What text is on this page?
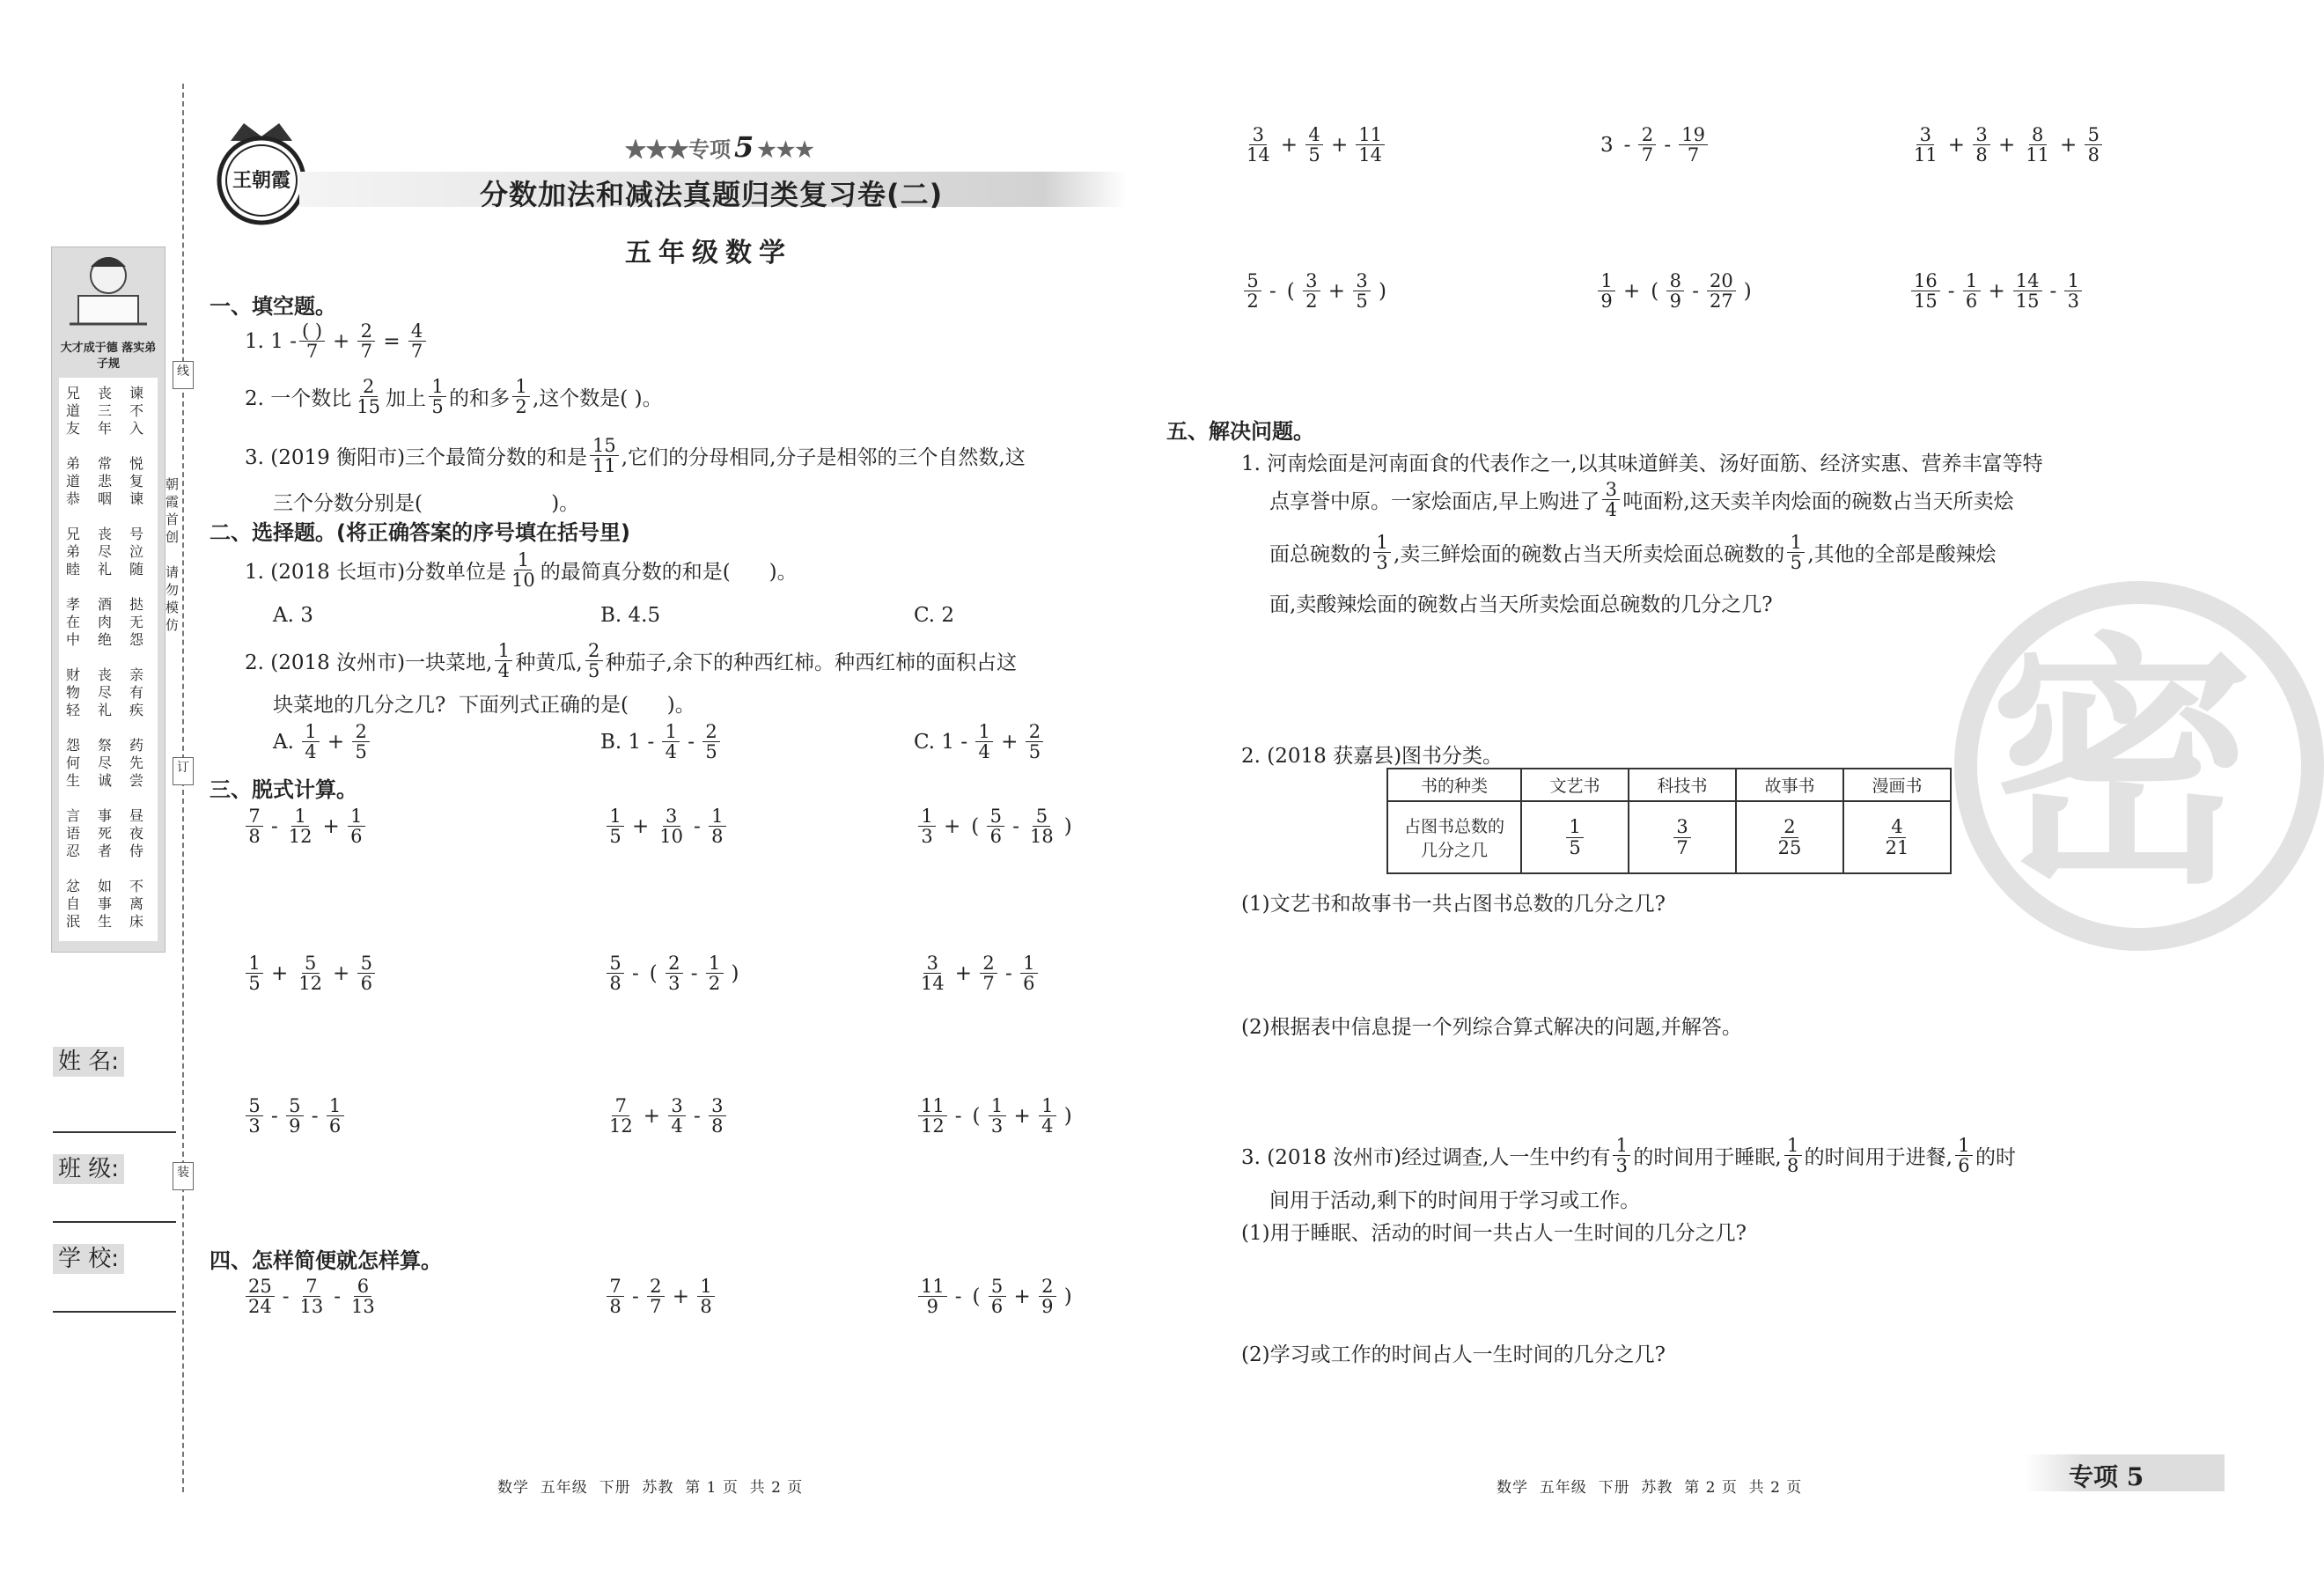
大才成于德 落实弟子规
兄
道
友

弟
道
恭

兄
弟
睦

孝
在
中

财
物
轻

怨
何
生

言
语
忍

忿
自
泯
丧
三
年

常
悲
咽

丧
尽
礼

酒
肉
绝

丧
尽
礼

祭
尽
诚

事
死
者

如
事
生
谏
不
入

悦
复
谏

号
泣
随

挞
无
怨

亲
有
疾

药
先
尝

昼
夜
侍

不
离
床
朝
霞
首
创

请
勿
模
仿
线
订
装
姓 名:
班 级:
学 校:
王朝霞
★★★专项 5 ★★★
分数加法和减法真题归类复习卷(二)
五年级数学
一、填空题。
1. $1 - \frac{( )}{7} + \frac{2}{7} = \frac{4}{7}$
2. 一个数比 $\frac{2}{15}$ 加上 $\frac{1}{5}$ 的和多 $\frac{1}{2}$ ,这个数是( )。
3. (2019 衡阳市)三个最简分数的和是 $\frac{15}{11}$ ,它们的分母相同,分子是相邻的三个自然数,这
三个分数分别是(                    )。
二、选择题。(将正确答案的序号填在括号里)
1. (2018 长垣市)分数单位是 $\frac{1}{10}$ 的最简真分数的和是(      )。
A. 3	B. 4.5	C. 2
2. (2018 汝州市)一块菜地, $\frac{1}{4}$ 种黄瓜, $\frac{2}{5}$ 种茄子,余下的种西红柿。种西红柿的面积占这
块菜地的几分之几?  下面列式正确的是(      )。
A. $\frac{1}{4} + \frac{2}{5}$	B. $1 - \frac{1}{4} - \frac{2}{5}$	C. $1 - \frac{1}{4} + \frac{2}{5}$
三、脱式计算。
$\frac{7}{8} - \frac{1}{12} + \frac{1}{6}$	$\frac{1}{5} + \frac{3}{10} - \frac{1}{8}$	$\frac{1}{3}$ + ( $\frac{5}{6} - \frac{5}{18}$ )
$\frac{1}{5} + \frac{5}{12} + \frac{5}{6}$	$\frac{5}{8}$ - ( $\frac{2}{3} - \frac{1}{2}$ )	$\frac{3}{14} + \frac{2}{7} - \frac{1}{6}$
$\frac{5}{3} - \frac{5}{9} - \frac{1}{6}$	$\frac{7}{12} + \frac{3}{4} - \frac{3}{8}$	$\frac{11}{12}$ - ( $\frac{1}{3} + \frac{1}{4}$ )
四、怎样简便就怎样算。
$\frac{25}{24} - \frac{7}{13} - \frac{6}{13}$	$\frac{7}{8} - \frac{2}{7} + \frac{1}{8}$	$\frac{11}{9}$ - ( $\frac{5}{6} + \frac{2}{9}$ )
数学  五年级  下册  苏教  第 1 页  共 2 页
$\frac{3}{14} + \frac{4}{5} + \frac{11}{14}$	$3 - \frac{2}{7} - \frac{19}{7}$	$\frac{3}{11} + \frac{3}{8} + \frac{8}{11} + \frac{5}{8}$
$\frac{5}{2}$ - ( $\frac{3}{2} + \frac{3}{5}$ )	$\frac{1}{9}$ + ( $\frac{8}{9} - \frac{20}{27}$ )	$\frac{16}{15} - \frac{1}{6} + \frac{14}{15} - \frac{1}{3}$
五、解决问题。
1. 河南烩面是河南面食的代表作之一,以其味道鲜美、汤好面筋、经济实惠、营养丰富等特
点享誉中原。一家烩面店,早上购进了 $\frac{3}{4}$ 吨面粉,这天卖羊肉烩面的碗数占当天所卖烩
面总碗数的 $\frac{1}{3}$ ,卖三鲜烩面的碗数占当天所卖烩面总碗数的 $\frac{1}{5}$ ,其他的全部是酸辣烩
面,卖酸辣烩面的碗数占当天所卖烩面总碗数的几分之几?
密
2. (2018 获嘉县)图书分类。
书的种类	文艺书	科技书	故事书	漫画书
占图书总数的
几分之几	$\frac{1}{5}$	$\frac{3}{7}$	$\frac{2}{25}$	$\frac{4}{21}$
(1)文艺书和故事书一共占图书总数的几分之几?
(2)根据表中信息提一个列综合算式解决的问题,并解答。
3. (2018 汝州市)经过调查,人一生中约有 $\frac{1}{3}$ 的时间用于睡眠, $\frac{1}{8}$ 的时间用于进餐, $\frac{1}{6}$ 的时
间用于活动,剩下的时间用于学习或工作。
(1)用于睡眠、活动的时间一共占人一生时间的几分之几?
(2)学习或工作的时间占人一生时间的几分之几?
数学  五年级  下册  苏教  第 2 页  共 2 页	专项 5
